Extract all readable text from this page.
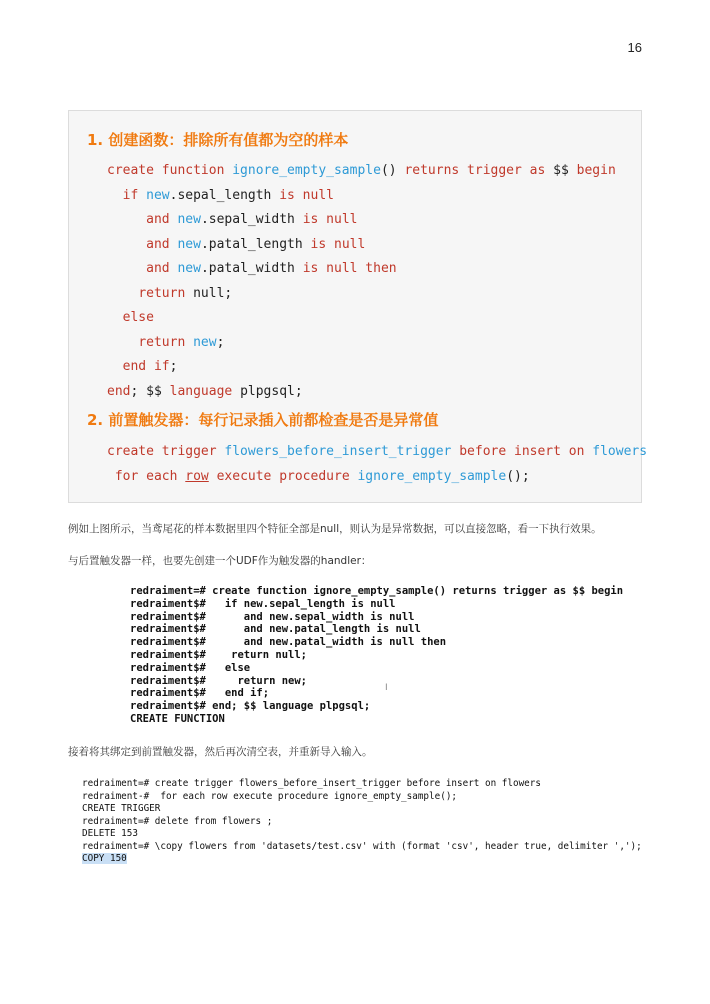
16
1. 创建函数：排除所有值都为空的样本
create function ignore_empty_sample() returns trigger as $$ begin
if new.sepal_length is null
and new.sepal_width is null
and new.patal_length is null
and new.patal_width is null then
return null;
else
return new;
end if;
end; $$ language plpgsql;
2. 前置触发器：每行记录插入前都检查是否是异常值
create trigger flowers_before_insert_trigger before insert on flowers
for each row execute procedure ignore_empty_sample();
例如上图所示，当鸢尾花的样本数据里四个特征全部是null，则认为是异常数据，可以直接忽略，看一下执行效果。
与后置触发器一样，也要先创建一个UDF作为触发器的handler：
redraiment=# create function ignore_empty_sample() returns trigger as $$ begin
redraiment$#   if new.sepal_length is null
redraiment$#      and new.sepal_width is null
redraiment$#      and new.patal_length is null
redraiment$#      and new.patal_width is null then
redraiment$#    return null;
redraiment$#   else
redraiment$#     return new;
redraiment$#   end if;
redraiment$# end; $$ language plpgsql;
CREATE FUNCTION
I
接着将其绑定到前置触发器，然后再次清空表，并重新导入输入。
redraiment=# create trigger flowers_before_insert_trigger before insert on flowers
redraiment-#  for each row execute procedure ignore_empty_sample();
CREATE TRIGGER
redraiment=# delete from flowers ;
DELETE 153
redraiment=# \copy flowers from 'datasets/test.csv' with (format 'csv', header true, delimiter ',');
COPY 150
